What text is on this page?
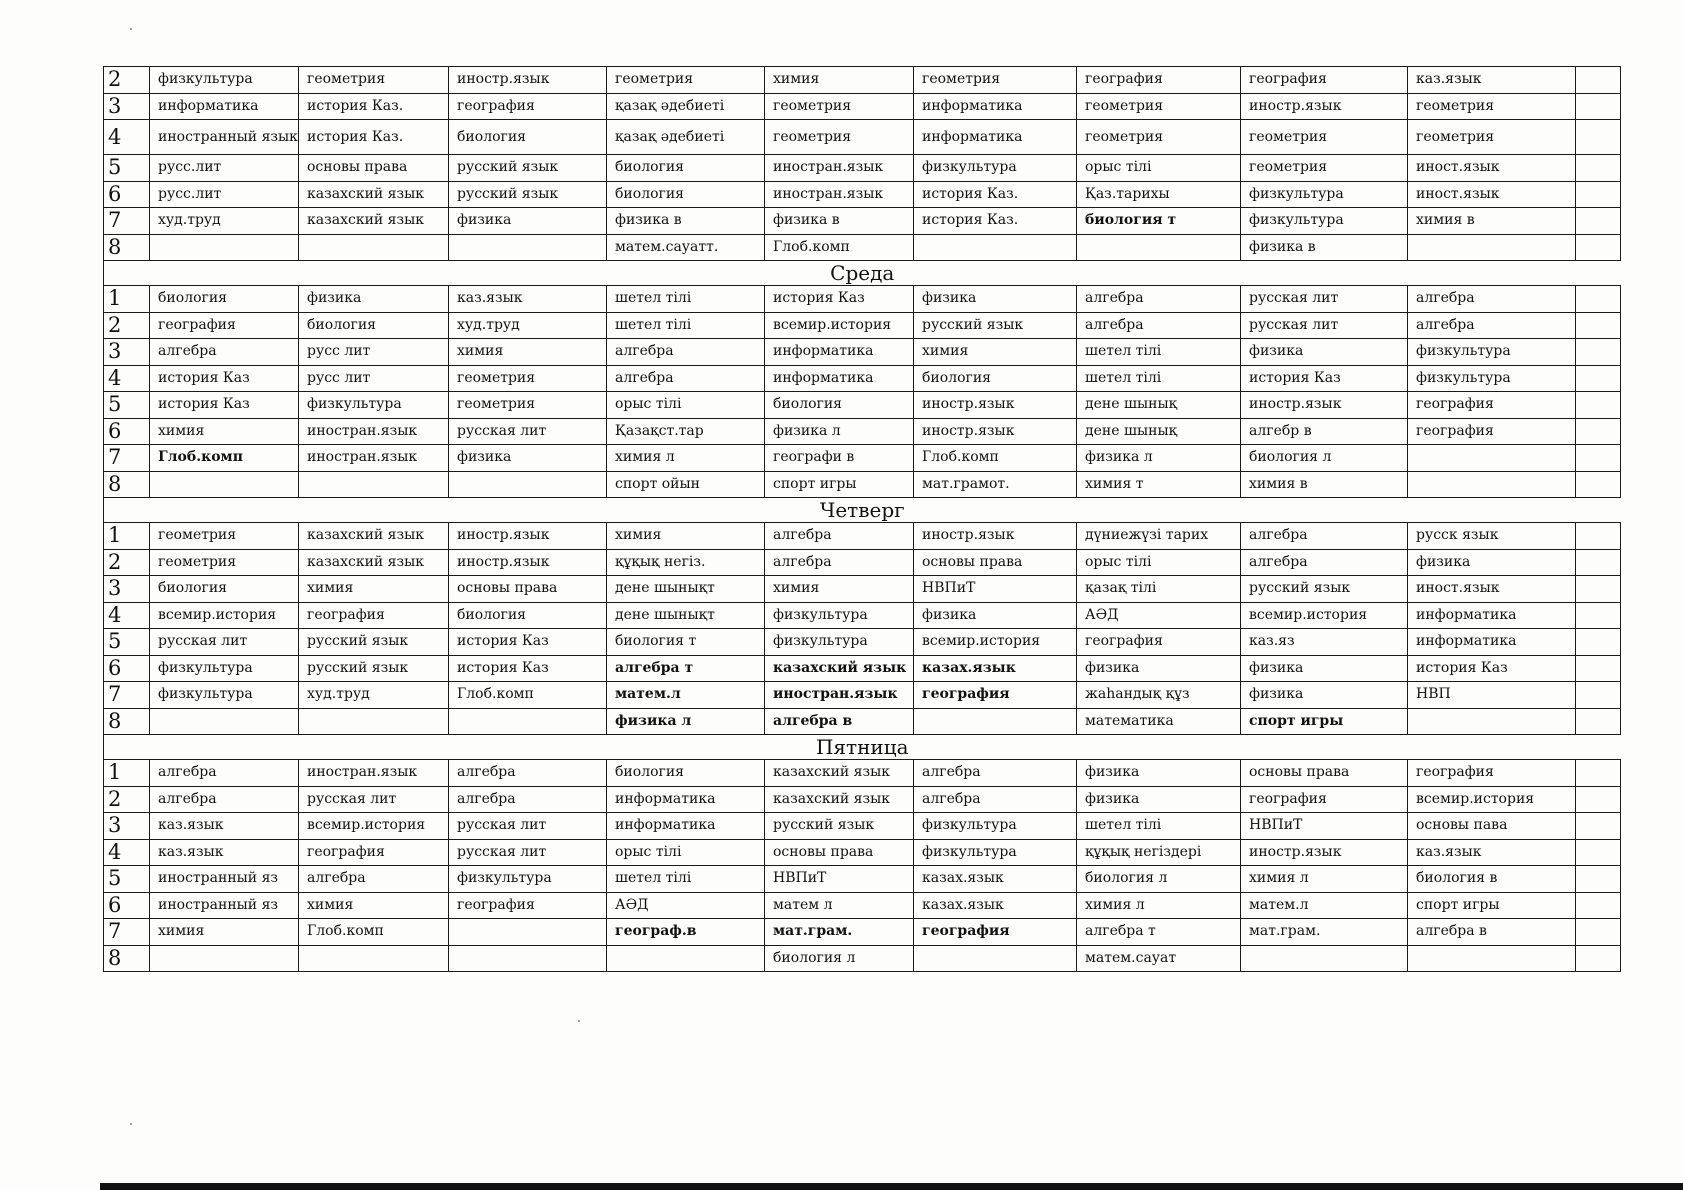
2	физкультура	геометрия	иностр.язык	геометрия	химия	геометрия	география	география	каз.язык	
3	информатика	история Каз.	география	қазақ әдебиеті	геометрия	информатика	геометрия	иностр.язык	геометрия	
4	иностранный язык	история Каз.	биология	қазақ әдебиеті	геометрия	информатика	геометрия	геометрия	геометрия	
5	русс.лит	основы права	русский язык	биология	иностран.язык	физкультура	орыс тілі	геометрия	иност.язык	
6	русс.лит	казахский язык	русский язык	биология	иностран.язык	история Каз.	Қаз.тарихы	физкультура	иност.язык	
7	худ.труд	казахский язык	физика	физика в	физика в	история Каз.	биология т	физкультура	химия в	
8				матем.сауатт.	Глоб.комп			физика в		
Среда										
1	биология	физика	каз.язык	шетел тілі	история Каз	физика	алгебра	русская лит	алгебра	
2	география	биология	худ.труд	шетел тілі	всемир.история	русский язык	алгебра	русская лит	алгебра	
3	алгебра	русс лит	химия	алгебра	информатика	химия	шетел тілі	физика	физкультура	
4	история Каз	русс лит	геометрия	алгебра	информатика	биология	шетел тілі	история Каз	физкультура	
5	история Каз	физкультура	геометрия	орыс тілі	биология	иностр.язык	дене шынық	иностр.язык	география	
6	химия	иностран.язык	русская лит	Қазақст.тар	физика л	иностр.язык	дене шынық	алгебр в	география	
7	Глоб.комп	иностран.язык	физика	химия л	географи в	Глоб.комп	физика л	биология л		
8				спорт ойын	спорт игры	мат.грамот.	химия т	химия в		
Четверг										
1	геометрия	казахский язык	иностр.язык	химия	алгебра	иностр.язык	дүниежүзі тарих	алгебра	русск язык	
2	геометрия	казахский язык	иностр.язык	құқық негіз.	алгебра	основы права	орыс тілі	алгебра	физика	
3	биология	химия	основы права	дене шынықт	химия	НВПиТ	қазақ тілі	русский язык	иност.язык	
4	всемир.история	география	биология	дене шынықт	физкультура	физика	АӘД	всемир.история	информатика	
5	русская лит	русский язык	история Каз	биология т	физкультура	всемир.история	география	каз.яз	информатика	
6	физкультура	русский язык	история Каз	алгебра т	казахский язык	казах.язык	физика	физика	история Каз	
7	физкультура	худ.труд	Глоб.комп	матем.л	иностран.язык	география	жаһандық құз	физика	НВП	
8				физика л	алгебра в		математика	спорт игры		
Пятница										
1	алгебра	иностран.язык	алгебра	биология	казахский язык	алгебра	физика	основы права	география	
2	алгебра	русская лит	алгебра	информатика	казахский язык	алгебра	физика	география	всемир.история	
3	каз.язык	всемир.история	русская лит	информатика	русский язык	физкультура	шетел тілі	НВПиТ	основы пава	
4	каз.язык	география	русская лит	орыс тілі	основы права	физкультура	құқық негіздері	иностр.язык	каз.язык	
5	иностранный яз	алгебра	физкультура	шетел тілі	НВПиТ	казах.язык	биология л	химия л	биология в	
6	иностранный яз	химия	география	АӘД	матем л	казах.язык	химия л	матем.л	спорт игры	
7	химия	Глоб.комп		географ.в	мат.грам.	география	алгебра т	мат.грам.	алгебра в	
8					биология л		матем.сауат			
